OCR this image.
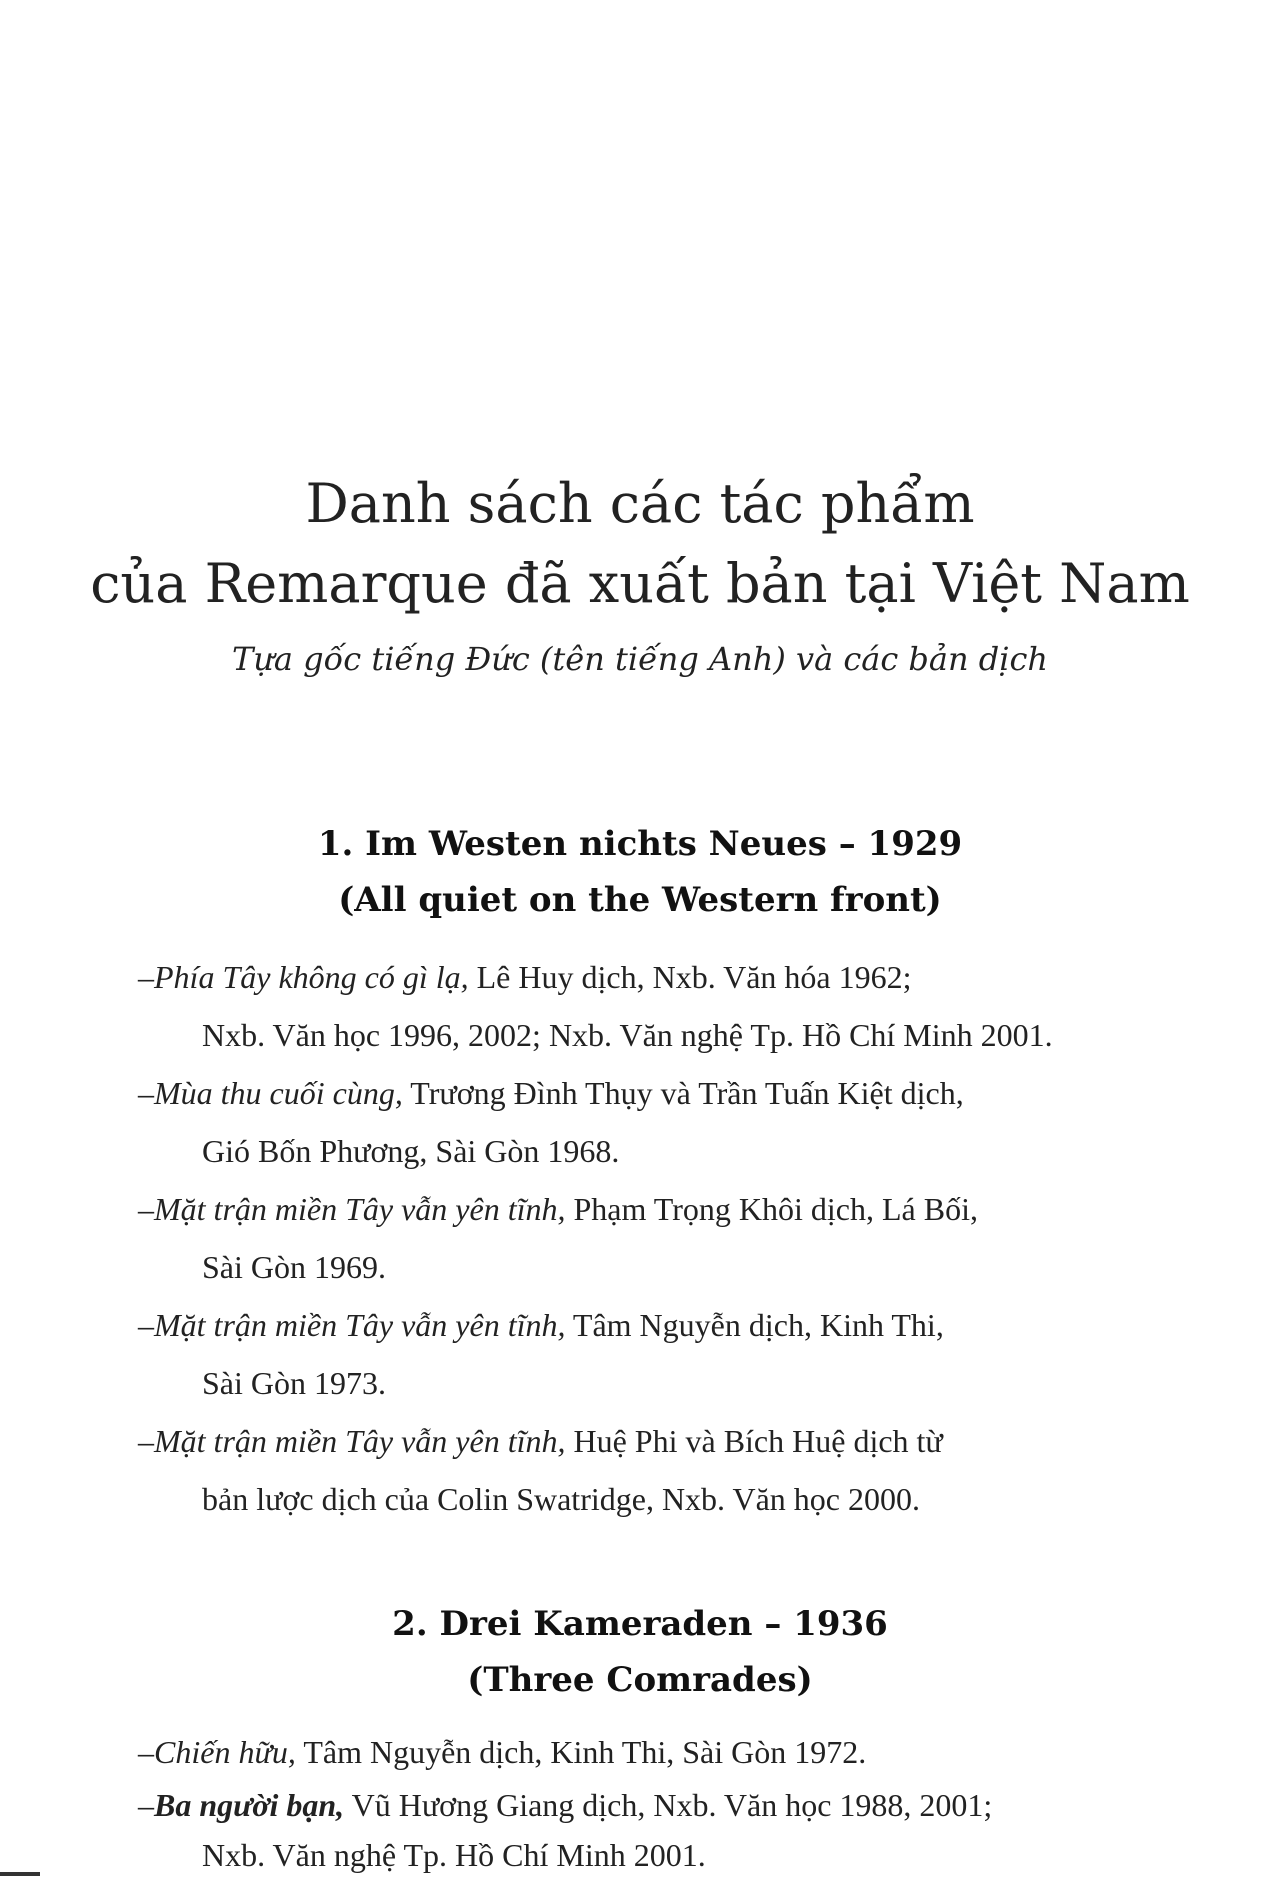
Danh sách các tác phẩm
của Remarque đã xuất bản tại Việt Nam
Tựa gốc tiếng Đức (tên tiếng Anh) và các bản dịch
1. Im Westen nichts Neues – 1929
(All quiet on the Western front)
–Phía Tây không có gì lạ, Lê Huy dịch, Nxb. Văn hóa 1962;
Nxb. Văn học 1996, 2002; Nxb. Văn nghệ Tp. Hồ Chí Minh 2001.
–Mùa thu cuối cùng, Trương Đình Thụy và Trần Tuấn Kiệt dịch,
Gió Bốn Phương, Sài Gòn 1968.
–Mặt trận miền Tây vẫn yên tĩnh, Phạm Trọng Khôi dịch, Lá Bối,
Sài Gòn 1969.
–Mặt trận miền Tây vẫn yên tĩnh, Tâm Nguyễn dịch, Kinh Thi,
Sài Gòn 1973.
–Mặt trận miền Tây vẫn yên tĩnh, Huệ Phi và Bích Huệ dịch từ
bản lược dịch của Colin Swatridge, Nxb. Văn học 2000.
2. Drei Kameraden – 1936
(Three Comrades)
–Chiến hữu, Tâm Nguyễn dịch, Kinh Thi, Sài Gòn 1972.
–Ba người bạn, Vũ Hương Giang dịch, Nxb. Văn học 1988, 2001;
Nxb. Văn nghệ Tp. Hồ Chí Minh 2001.
